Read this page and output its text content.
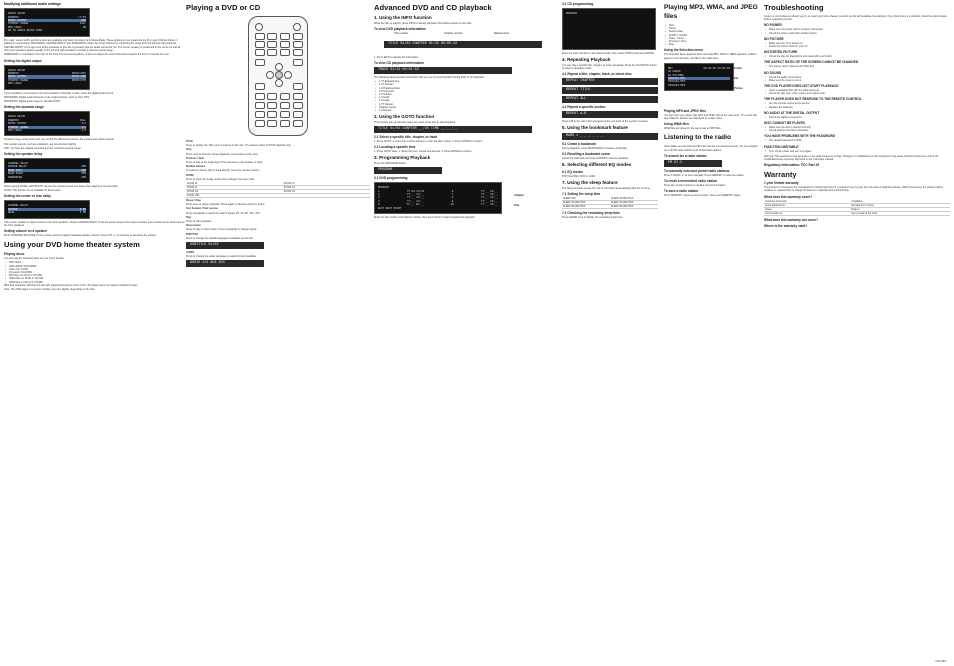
Modifying additional audio settings
AUDIO SETUP
DOWNMIX	LT/RT
SPDIF OUTPUT	RAW
DYNAMIC RANGE	FULL
PRO LOGIC	ON
GO TO AUDIO SETUP PAGE
Pro Logic, center width, and dimension are available only when the player is in Movie Mode. These options let you customize the Pro Logic II Movie Mode. In addition to customizing, PANORAMA, CENTER WIDTH, and DIMENSION create the center channel by combining the audio from the left and right channels.
CENTER WIDTH: Pro Logic uses all the speakers to give the impression that the audio surrounds you. The center speaker is positioned to the center so that all three front speakers appear equally to the left and right speakers to create a coherent sound stage.
DIMENSION: Is controlled in the ratio of the front and surround speakers. It lets you adjust the sound field either towards the front or towards the rear.
Setting the digital output
AUDIO SETUP
DOWNMIX	SPDIF/OFF
SPDIF OUTPUT	SPDIF/RAW
DYNAMIC RANGE	SPDIF/PCM
PRO LOGIC
If your amplifier is connected to the home theater's COAXIAL socket, select the digital audio format.
SPDIF/RAW: Digital audio bitstream in the original format, such as AC3, DTS.
SPDIF/PCM: Digital audio output in standard PCM.
Setting the dynamic range
AUDIO SETUP
DOWNMIX	FULL
SPDIF OUTPUT	3/4
DYNAMIC RANGE	1/2
PRO LOGIC	1/4
Dynamic range compression lets you control the difference between the loudest and softest sounds.
ON: Louder sounds, such as explosions, are turned down slightly.
OFF: You hear the original soundtrack at the recorded dynamic range.
Setting the speaker delay
CHANNEL DELAY
CENTER DELAY	0MS
REAR LEFT	0MS
REAR RIGHT	0MS
SUBWOOFER	0MS
Select among NONE, LEFT/RIGHT, and set the desired sound and delay when playing a surround disc.
NOTE: This function is not available on Mono discs.
Setting the center or rear delay
CHANNEL DELAY
CENTER	0 MS
REAR	0 MS
If the center speaker is placed closer to the front speakers, choose CENTER DELAY to set the center delay so the sound reaches your position at the same time as the front speakers.
Setting volume on a speaker
Press CHANNEL BALANCE on the remote control to adjust individual speaker volume. Press VOL +/- to increase or decrease the volume.
Using your DVD home theater system
Playing discs
You can play the following discs on your home theater:
• DVD Video
• DVD+R/RW, DVD-R/RW
• Video CD, SVCD
• CD audio, CD-R/RW
• MP3 files on CD-R or CD-RW
• JPEG files on CD-R or CD-RW
• WMA files on CD-R or CD-RW
MP3 files should be 128 kbps bit rate with sampling frequency of 44.1 kHz. The player does not support variable bit rates.
Note: The DVD player's on screen display may vary slightly depending on the disc.
Playing a DVD or CD
TITLE
Press to display the Title menu if present on the disc. The feature works for DVD playback only.
Stop
Press once to stop the current playback. Press twice to fully stop.
Previous / Next
Press to skip to the beginning of the previous or next chapter or track.
Number buttons
To select a chapter, title or track directly, press the number buttons.
ZOOM
Press to zoom the image. Each press changes the zoom ratio.
ZOOM x2	ZOOM x3
ZOOM x4	ZOOM 1/2
ZOOM 1/3	ZOOM 1/4
ZOOM OFF	
Pause / Step
Press once to pause playback. Press again to advance frame by frame.
Fast forward / Fast reverse
Press repeatedly to select the search speed: 2X, 4X, 8X, 16X, 32X.
Play
Press to start playback.
Slow motion
Press to play in slow motion. Press repeatedly to change speed.
SUBTITLE
Press to change the subtitle language if available on the disc.
SUBTITLE 01/03
AUDIO
Press to change the audio language or audio format if available.
AUDIO 1/2 AC3 2CH
Advanced DVD and CD playback
1. Using the INFO function
While the disc is playing, press INFO to display playback information present on the disc.
To view DVD playback information
Title number	Chapter number	Elapsed time
TITLE 01/02 CHAPTER 01/25 00:05:42
1. Press INFO to display the information.
To view CD playback information
TRACK 01/12 00:01:53
The following table provides information that you see by pressing INFO during DVD or CD playback:
• 1-TT Elapsed time
• 1-TT Remain
• 1-CH Elapsed time
• 1-CH Remain
• 1-8 Subtitle
• 1-8 Audio
• 1-8 Angle
• 1-TT Repeat
• Chapter repeat
• 1-8 Repeat
2. Using the GOTO function
This function lets you directly select any point of the disc to start playback.
TITLE 01/02 CHAPTER __/25 TIME __:__:__
2.1 Select a specific title, chapter, or track
1. Press GOTO. 2. Press the number buttons to enter the title number. 3. Press ENTER to confirm.
2.2 Locating a specific time
1. Press GOTO twice. 2. Enter the hour, minute and second. 3. Press ENTER to confirm.
3. Programming Playback
Press the PROGRAM button.
PROGRAM
3.1 DVD programming
PROGRAM
1	TT:01 CH:01	6	TT:__ CH:__
2	TT:__ CH:__	7	TT:__ CH:__
3	TT:__ CH:__	8	TT:__ CH:__
4	TT:__ CH:__	9	TT:__ CH:__
5	TT:__ CH:__	10	TT:__ CH:__
EXIT NEXT START
Chapter
Title
Enter the title number and chapter number, then press PLAY to start programmed playback.
3.2 CD programming
PROGRAM
Enter the track numbers in the desired order, then select START and press ENTER.
4. Repeating Playback
You can play a specific title, chapter, or track repeatedly. Press the PLAYBACK button to select a repeating mode.
4.1 Repeat a title, chapter, track, or whole disc
REPEAT CHAPTER
REPEAT TITLE
REPEAT ALL
4.2 Repeat a specific section
REPEAT A-B
Press A-B at the start point and again at the end point of the section to repeat.
5. Using the bookmark feature
MARK 1 _ _ _ _ _ _
5.1 Create a bookmark
During playback, press BOOKMARK to create a bookmark.
5.2 Recalling a bookmark scene
Select the bookmark and press ENTER to resume playback.
6. Selecting different EQ modes
6.1 EQ modes
POP, CLASSIC, ROCK, JAZZ
7. Using the sleep feature
The Sleep function causes the unit to shut down automatically after the set time.
7.1 Setting the sleep time
SLEEP OFF	SLEEP 15 MINUTES
SLEEP 30 MINUTES	SLEEP 45 MINUTES
SLEEP 60 MINUTES	SLEEP 90 MINUTES
7.2 Checking the remaining sleep time
Press SLEEP once to display the remaining sleep time.
Playing MP3, WMA, and JPEG files
• Stop
• Pause
• Select folder
• ZOOM / CLEAR
• Open / Close
• Previous / Next
• Play
Using the Selection menu
The Selection Menu appears when inserting MP3, WMA or JPEG playback. Folders appear in the left pane, and files in the right pane.
MP3	00:00:32 00:03:40
01 AUDIO
02 PICTURE
TRACK01.MP3
TRACK02.MP3
TRACK03.MP3
Folder
File
Picture
Playing MP3 and JPEG files
You can have your player play MP3 and JPEG files at the same time. The music will play while the pictures are displayed as a slide show.
Using WMA files
WMA files are played in the same way as MP3 files.
Listening to the radio
Note: Make sure the FM and AM antennas are connected correctly. You can program up to 30 FM radio stations and 10 AM radio stations.
To search for a radio station
FM 87.5
To manually scan and preset radio stations
Press TUNING +/- to tune manually. Press MEMORY to save the station.
To recall a memorized radio station
Press the number buttons to recall a memorized station.
To save a radio station
Press MEMORY, select a preset number, then press MEMORY again.
Troubleshooting
Under no circumstances should you try to repair your home theater yourself, as this will invalidate the warranty. If you think there is a problem, check the points below before requesting service.
NO POWER
• Make sure the power cord is properly connected.
• Check the power outlet with another device.
NO PICTURE
• Make sure the TV is turned on.
• Select the correct input on your TV.
DISTORTED PICTURE
• Check the disc for fingerprints and clean with a soft cloth.
THE ASPECT RATIO OF THE SCREEN CANNOT BE CHANGED
• The aspect ratio is fixed on the DVD disc.
NO SOUND
• Check the audio connections.
• Make sure the mute is not on.
THE DVD PLAYER DOES NOT START PLAYBACK
• Insert a readable disc with the label facing up.
• Check the disc type, color system and region code.
THE PLAYER DOES NOT RESPOND TO THE REMOTE CONTROL
• Aim the remote control at the sensor.
• Replace the batteries.
NO AUDIO AT THE DIGITAL OUTPUT
• Check the digital connections.
DISC CANNOT BE PLAYED
• Make sure the disc is placed correctly.
• Check whether the disc is defective.
YOU HAVE PROBLEMS WITH THE PASSWORD
• The default password is 0000.
FUNCTION UNSTABLE
• Turn off the power and turn it on again.
Warning: This equipment may generate or use radio frequency energy. Changes or modifications to this equipment may cause harmful interference unless the modifications are expressly approved in the instruction manual.
Regulatory Information: FCC Part 15
Warranty
1 year limited warranty
This product is covered by the manufacturer's limited warranty for a period of one (1) year from the date of original purchase. Within this period, the product will be repaired or replaced free of charge for defects in materials and workmanship.
What does this warranty cover?
Customer instruction	Installation
Setup adjustments	Damage from misuse
Abuse	Neglect
Commercial use	Set-up costs of the units
What does this warranty not cover?
Where is the warranty valid?
OD-054
